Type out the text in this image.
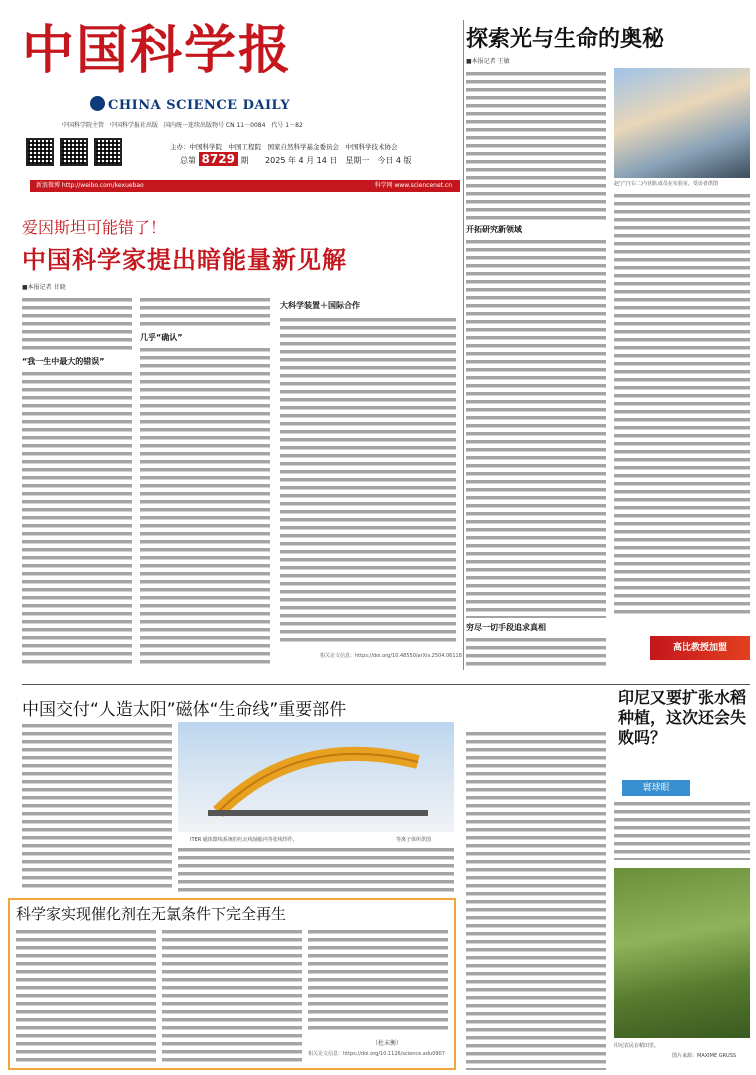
中国科学报
CHINA SCIENCE DAILY
中国科学院主管　中国科学报社出版　国内统一连续出版物号 CN 11－0084　代号 1－82
主办：中国科学院　中国工程院　国家自然科学基金委员会　中国科学技术协会
总第 8729 期 2025 年 4 月 14 日　星期一　今日 4 版
新浪微博 http://weibo.com/kexuebao	科学网 www.sciencenet.cn
爱因斯坦可能错了！
中国科学家提出暗能量新见解
■本报记者 甘晓
“我一生中最大的错误”
几乎“确认”
大科学装置＋国际合作
相关论文信息：https://doi.org/10.48550/arXiv.2504.06118
探索光与生命的奥秘
■本报记者 王敏
赵宁宁(右二)与团队成员在实验室。受访者供图
开拓研究新领域
穷尽一切手段追求真相
高比教授加盟
中国交付“人造太阳”磁体“生命线”重要部件
ITER 磁体馈线系统的杜瓦线轴船内等张线焊件。	等离子体所供图
印尼又要扩张水稻种植，这次还会失败吗？
寰球眼
印尼农民在稻田里。
图片来源：MAXIME GRUSS
科学家实现催化剂在无氯条件下完全再生
（杜未衡）
相关论文信息：https://doi.org/10.1126/science.adu0907
